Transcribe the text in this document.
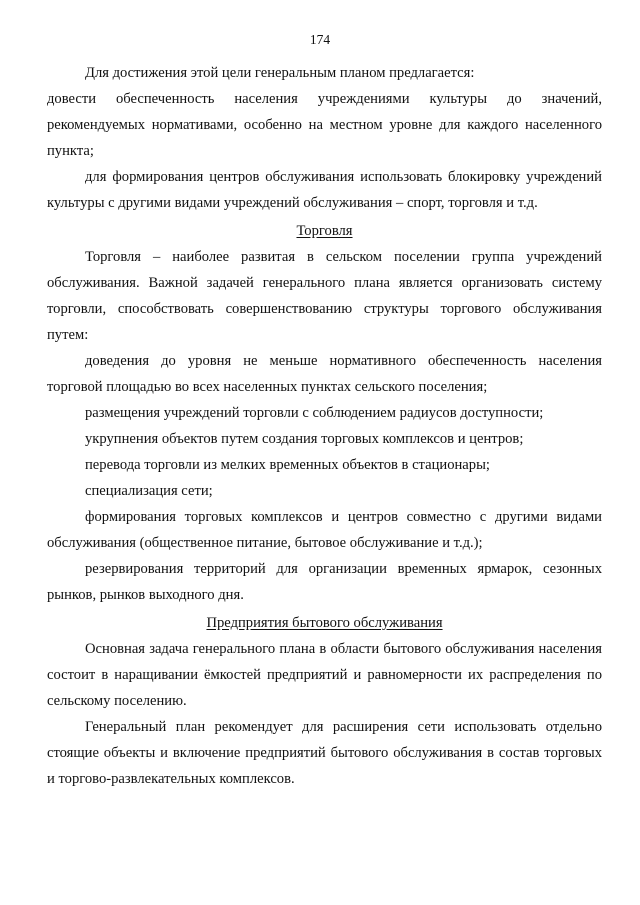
174

Для достижения этой цели генеральным планом предлагается:

довести обеспеченность населения учреждениями культуры до значений, рекомендуемых нормативами, особенно на местном уровне для каждого населенного пункта;

для формирования центров обслуживания использовать блокировку учреждений культуры с другими видами учреждений обслуживания – спорт, торговля и т.д.

Торговля

Торговля – наиболее развитая в сельском поселении группа учреждений обслуживания. Важной задачей генерального плана является организовать систему торговли, способствовать совершенствованию структуры торгового обслуживания путем:

доведения до уровня не меньше нормативного обеспеченность населения торговой площадью во всех населенных пунктах сельского поселения;

размещения учреждений торговли с соблюдением радиусов доступности;

укрупнения объектов путем создания торговых комплексов и центров;

перевода торговли из мелких временных объектов в стационары;

специализация сети;

формирования торговых комплексов и центров совместно с другими видами обслуживания (общественное питание, бытовое обслуживание и т.д.);

резервирования территорий для организации временных ярмарок, сезонных рынков, рынков выходного дня.

Предприятия бытового обслуживания

Основная задача генерального плана в области бытового обслуживания населения состоит в наращивании ёмкостей предприятий и равномерности их распределения по сельскому поселению.

Генеральный план рекомендует для расширения сети использовать отдельно стоящие объекты и включение предприятий бытового обслуживания в состав торговых и торгово-развлекательных комплексов.
